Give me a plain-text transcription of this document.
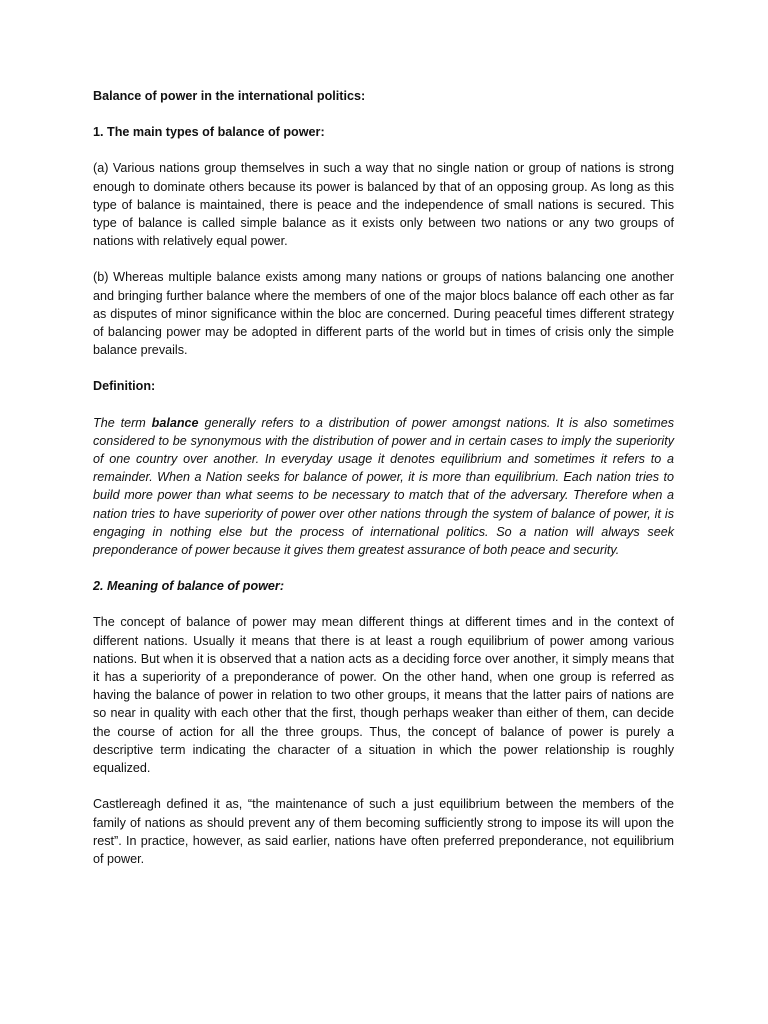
Balance of power in the international politics:

1. The main types of balance of power:

(a) Various nations group themselves in such a way that no single nation or group of nations is strong enough to dominate others because its power is balanced by that of an opposing group. As long as this type of balance is maintained, there is peace and the independence of small nations is secured. This type of balance is called simple balance as it exists only between two nations or any two groups of nations with relatively equal power.

(b) Whereas multiple balance exists among many nations or groups of nations balancing one another and bringing further balance where the members of one of the major blocs balance off each other as far as disputes of minor significance within the bloc are concerned. During peaceful times different strategy of balancing power may be adopted in different parts of the world but in times of crisis only the simple balance prevails.

Definition:

The term balance generally refers to a distribution of power amongst nations. It is also sometimes considered to be synonymous with the distribution of power and in certain cases to imply the superiority of one country over another. In everyday usage it denotes equilibrium and sometimes it refers to a remainder. When a Nation seeks for balance of power, it is more than equilibrium. Each nation tries to build more power than what seems to be necessary to match that of the adversary. Therefore when a nation tries to have superiority of power over other nations through the system of balance of power, it is engaging in nothing else but the process of international politics. So a nation will always seek preponderance of power because it gives them greatest assurance of both peace and security.

2. Meaning of balance of power:

The concept of balance of power may mean different things at different times and in the context of different nations. Usually it means that there is at least a rough equilibrium of power among various nations. But when it is observed that a nation acts as a deciding force over another, it simply means that it has a superiority of a preponderance of power. On the other hand, when one group is referred as having the balance of power in relation to two other groups, it means that the latter pairs of nations are so near in quality with each other that the first, though perhaps weaker than either of them, can decide the course of action for all the three groups. Thus, the concept of balance of power is purely a descriptive term indicating the character of a situation in which the power relationship is roughly equalized.

Castlereagh defined it as, “the maintenance of such a just equilibrium between the members of the family of nations as should prevent any of them becoming sufficiently strong to impose its will upon the rest”. In practice, however, as said earlier, nations have often preferred preponderance, not equilibrium of power.
